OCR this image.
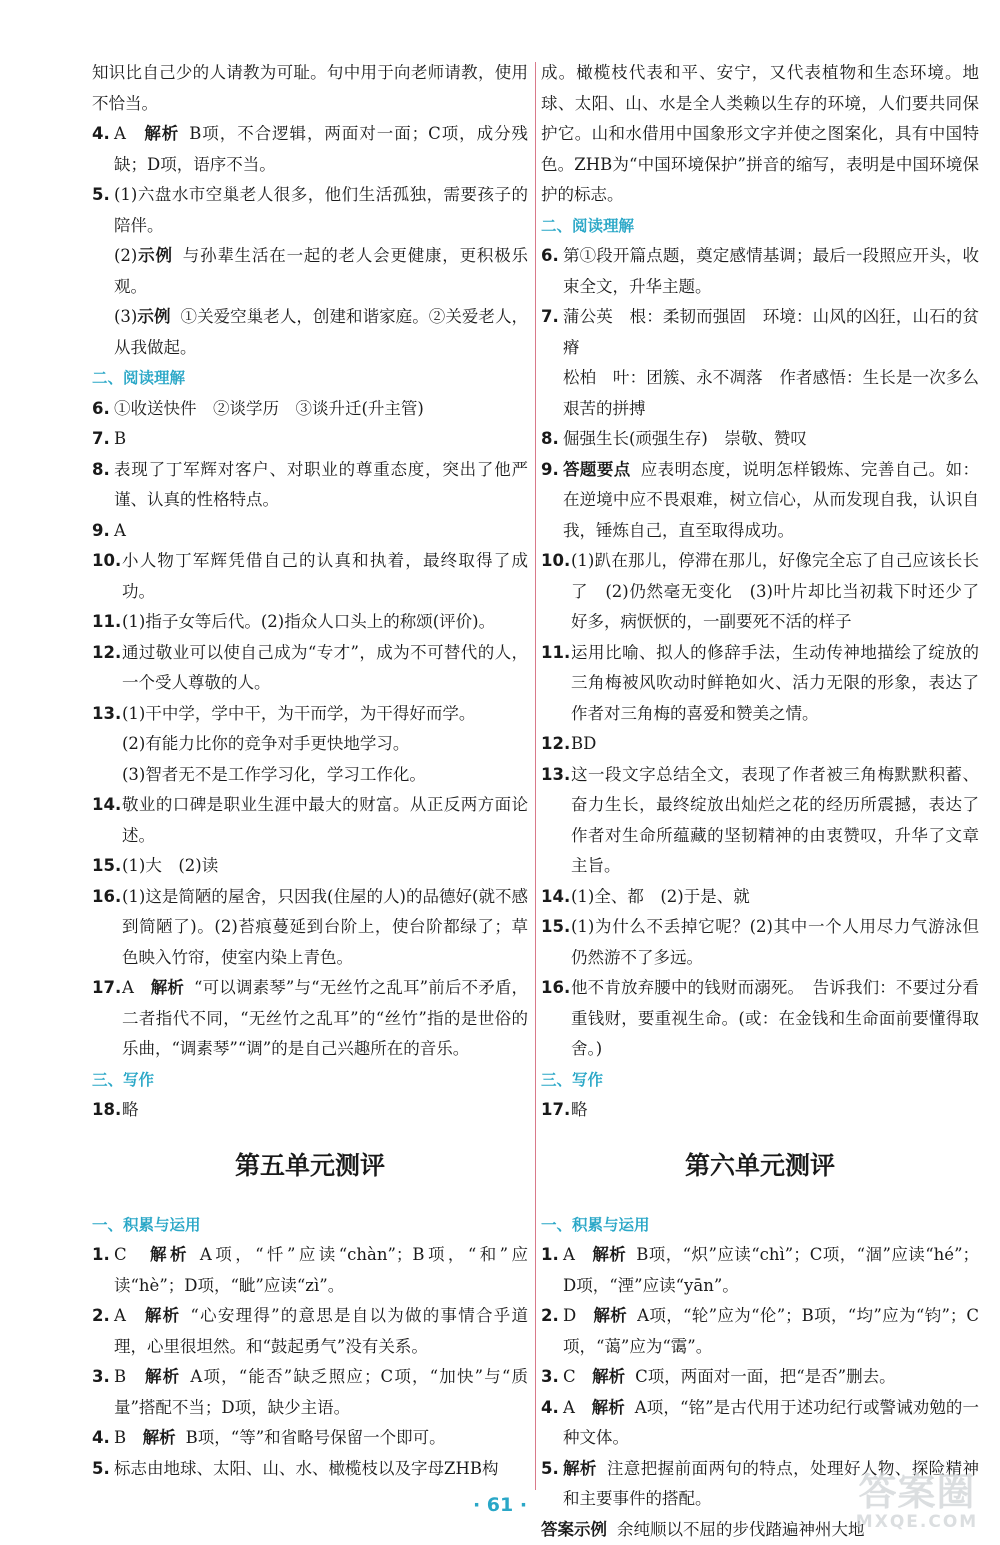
知识比自己少的人请教为可耻。句中用于向老师请教，使用不恰当。
4. A　 解析 B项，不合逻辑，两面对一面；C项，成分残缺；D项，语序不当。
5. (1)六盘水市空巢老人很多，他们生活孤独，需要孩子的陪伴。
(2)示例 与孙辈生活在一起的老人会更健康，更积极乐观。
(3)示例 ①关爱空巢老人，创建和谐家庭。②关爱老人，从我做起。
二、阅读理解
6. ①收送快件　②谈学历　③谈升迁(升主管)
7. B
8. 表现了丁军辉对客户、对职业的尊重态度，突出了他严谨、认真的性格特点。
9. A
10. 小人物丁军辉凭借自己的认真和执着，最终取得了成功。
11. (1)指子女等后代。(2)指众人口头上的称颂(评价)。
12. 通过敬业可以使自己成为“专才”，成为不可替代的人，一个受人尊敬的人。
13. (1)干中学，学中干，为干而学，为干得好而学。
(2)有能力比你的竞争对手更快地学习。
(3)智者无不是工作学习化，学习工作化。
14. 敬业的口碑是职业生涯中最大的财富。从正反两方面论述。
15. (1)大　(2)读
16. (1)这是简陋的屋舍，只因我(住屋的人)的品德好(就不感到简陋了)。(2)苔痕蔓延到台阶上，使台阶都绿了；草色映入竹帘，使室内染上青色。
17. A　 解析 “可以调素琴”与“无丝竹之乱耳”前后不矛盾，二者指代不同，“无丝竹之乱耳”的“丝竹”指的是世俗的乐曲，“调素琴”“调”的是自己兴趣所在的音乐。
三、写作
18. 略
第五单元测评
一、积累与运用
1. C　 解析 A项，“忏”应读“chàn”；B项，“和”应读“hè”；D项，“眦”应读“zì”。
2. A　 解析 “心安理得”的意思是自以为做的事情合乎道理，心里很坦然。和“鼓起勇气”没有关系。
3. B　 解析 A项，“能否”缺乏照应；C项，“加快”与“质量”搭配不当；D项，缺少主语。
4. B　 解析 B项，“等”和省略号保留一个即可。
5. 标志由地球、太阳、山、水、橄榄枝以及字母ZHB构
成。橄榄枝代表和平、安宁，又代表植物和生态环境。地球、太阳、山、水是全人类赖以生存的环境，人们要共同保护它。山和水借用中国象形文字并使之图案化，具有中国特色。ZHB为“中国环境保护”拼音的缩写，表明是中国环境保护的标志。
二、阅读理解
6. 第①段开篇点题，奠定感情基调；最后一段照应开头，收束全文，升华主题。
7. 蒲公英　根：柔韧而强固　环境：山风的凶狂，山石的贫瘠
松柏　叶：团簇、永不凋落　作者感悟：生长是一次多么艰苦的拼搏
8. 倔强生长(顽强生存)　崇敬、赞叹
9. 答题要点 应表明态度，说明怎样锻炼、完善自己。如：在逆境中应不畏艰难，树立信心，从而发现自我，认识自我，锤炼自己，直至取得成功。
10. (1)趴在那儿，停滞在那儿，好像完全忘了自己应该长长了　(2)仍然毫无变化　(3)叶片却比当初栽下时还少了好多，病恹恹的，一副要死不活的样子
11. 运用比喻、拟人的修辞手法，生动传神地描绘了绽放的三角梅被风吹动时鲜艳如火、活力无限的形象，表达了作者对三角梅的喜爱和赞美之情。
12. BD
13. 这一段文字总结全文，表现了作者被三角梅默默积蓄、奋力生长，最终绽放出灿烂之花的经历所震撼，表达了作者对生命所蕴藏的坚韧精神的由衷赞叹，升华了文章主旨。
14. (1)全、都　(2)于是、就
15. (1)为什么不丢掉它呢？(2)其中一个人用尽力气游泳但仍然游不了多远。
16. 他不肯放弃腰中的钱财而溺死。　告诉我们：不要过分看重钱财，要重视生命。(或：在金钱和生命面前要懂得取舍。)
三、写作
17. 略
第六单元测评
一、积累与运用
1. A　 解析 B项，“炽”应读“chì”；C项，“涸”应读“hé”；D项，“湮”应读“yān”。
2. D　 解析 A项，“轮”应为“伦”；B项，“均”应为“钧”；C项，“蔼”应为“霭”。
3. C　 解析 C项，两面对一面，把“是否”删去。
4. A　 解析 A项，“铭”是古代用于述功纪行或警诫劝勉的一种文体。
5. 解析 注意把握前面两句的特点，处理好人物、探险精神和主要事件的搭配。
答案示例 余纯顺以不屈的步伐踏遍神州大地
· 61 ·	答案圈
MXQE.COM
